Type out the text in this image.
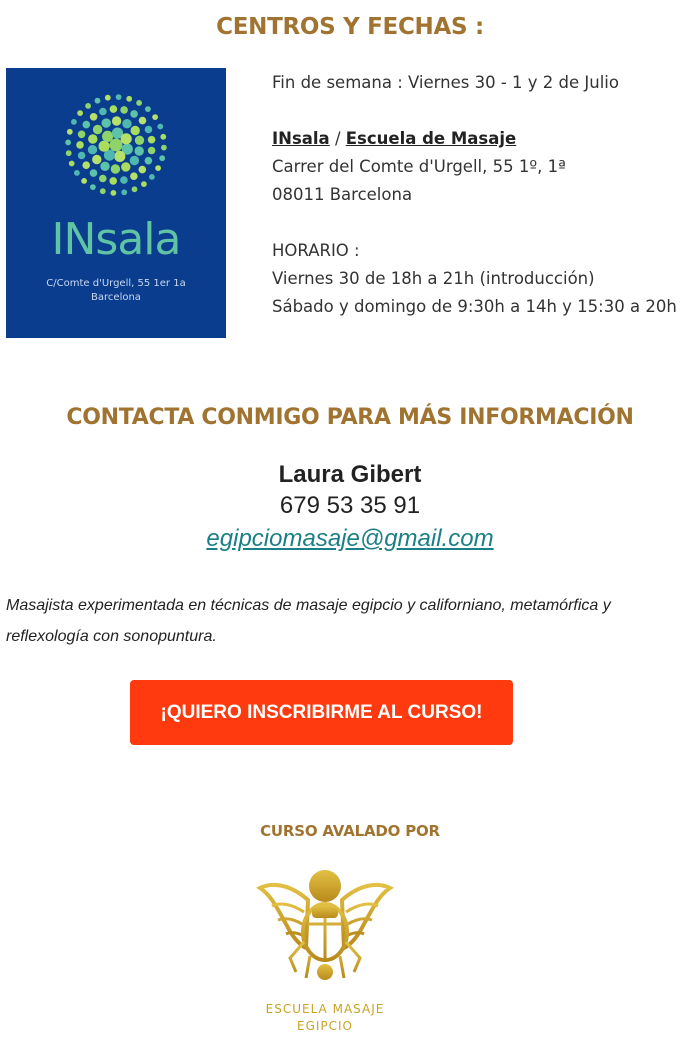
CENTROS Y FECHAS :
INsala
C/Comte d'Urgell, 55 1er 1a
Barcelona
Fin de semana : Viernes 30 - 1 y 2 de Julio
INsala / Escuela de Masaje
Carrer del Comte d'Urgell, 55 1º, 1ª
08011 Barcelona
HORARIO :
Viernes 30 de 18h a 21h (introducción)
Sábado y domingo de 9:30h a 14h y 15:30 a 20h
CONTACTA CONMIGO PARA MÁS INFORMACIÓN
Laura Gibert
679 53 35 91
egipciomasaje@gmail.com
Masajista experimentada en técnicas de masaje egipcio y californiano, metamórfica y reflexología con sonopuntura.
¡QUIERO INSCRIBIRME AL CURSO!
CURSO AVALADO POR
ESCUELA MASAJE
EGIPCIO
